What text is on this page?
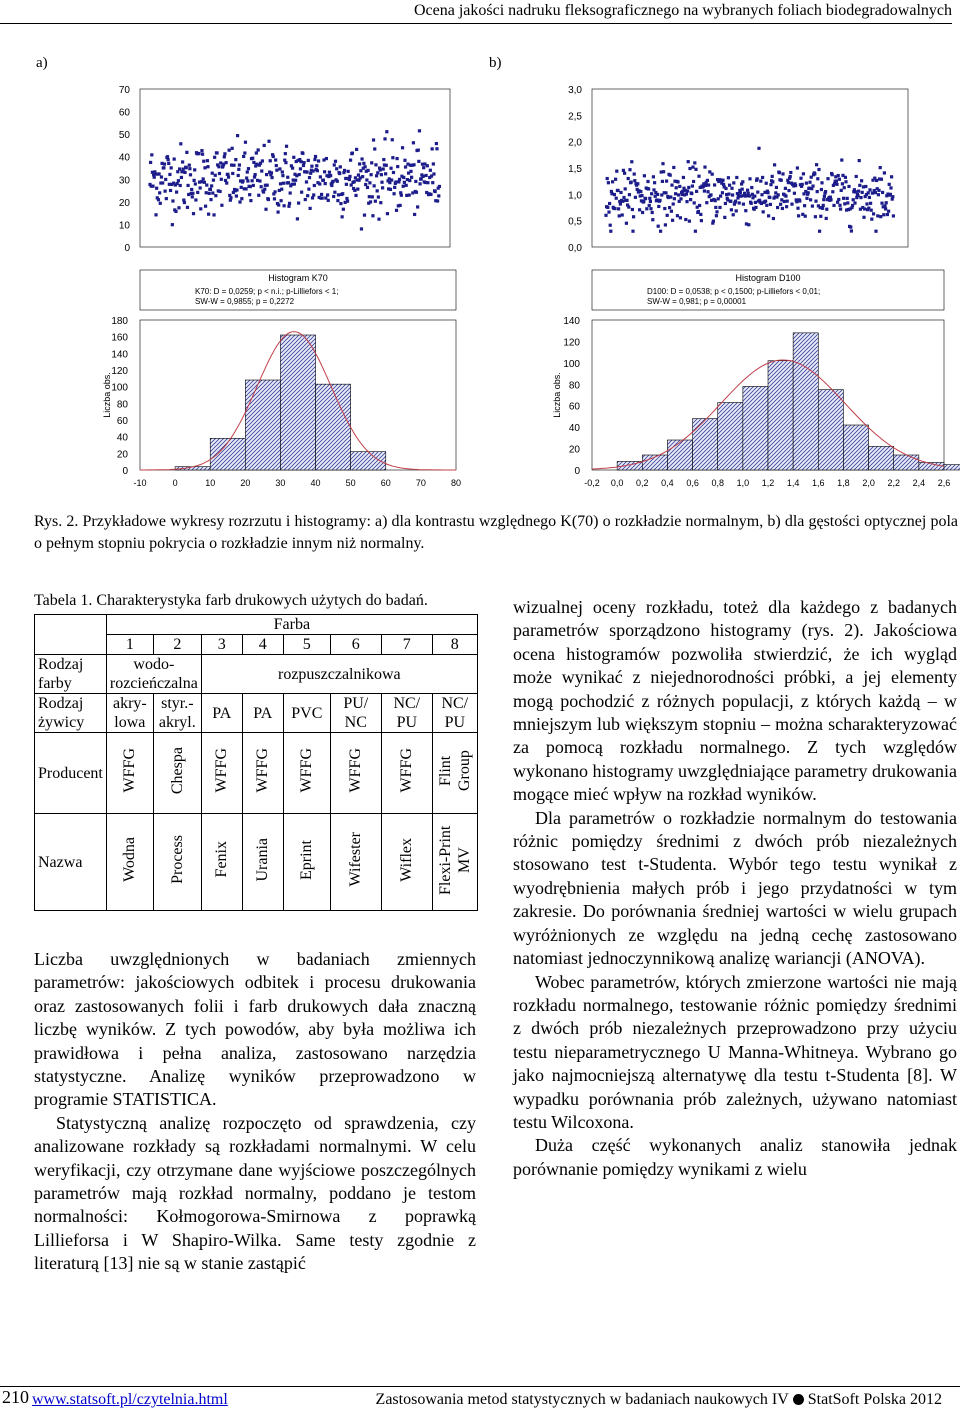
Ocena jakości nadruku fleksograficznego na wybranych foliach biodegradowalnych
a)	b)
0
10
20
30
40
50
60
70
0,0
0,5
1,0
1,5
2,0
2,5
3,0
Histogram K70
K70: D = 0,0259; p < n.i.; p-Lilliefors < 1;
SW-W = 0,9855; p = 0,2272
0
20
40
60
80
100
120
140
160
180
-10	0	10	20	30	40	50	60	70	80
Liczba obs.
Histogram D100
D100: D = 0,0538; p < 0,1500; p-Lilliefors < 0,01;
SW-W = 0,981; p = 0,00001
0
20
40
60
80
100
120
140
-0,2 0,0 0,2 0,4 0,6 0,8 1,0 1,2 1,4 1,6 1,8 2,0 2,2 2,4 2,6
Liczba obs.
Rys. 2. Przykładowe wykresy rozrzutu i histogramy: a) dla kontrastu względnego K(70) o rozkładzie normalnym, b) dla gęstości optycznej pola o pełnym stopniu pokrycia o rozkładzie innym niż normalny.
Tabela 1. Charakterystyka farb drukowych użytych do badań.
	Farba							
	1	2	3	4	5	6	7	8
Rodzaj farby	wodo-rozcieńczalna		rozpuszczalnikowa					
Rodzaj żywicy	akry-lowa	styr.-akryl.	PA	PA	PVC	PU/ NC	NC/ PU	NC/ PU
Producent	WFFG	Chespa	WFFG	WFFG	WFFG	WFFG	WFFG	Flint Group
Nazwa	Wodna	Process	Fenix	Urania	Eprint	Wifester	Wiflex	Flexi-Print MV

Liczba uwzględnionych w badaniach zmiennych parametrów: jakościowych odbitek i procesu drukowania oraz zastosowanych folii i farb drukowych dała znaczną liczbę wyników. Z tych powodów, aby była możliwa ich prawidłowa i pełna analiza, zastosowano narzędzia statystyczne. Analizę wyników przeprowadzono w programie STATISTICA.

Statystyczną analizę rozpoczęto od sprawdzenia, czy analizowane rozkłady są rozkładami normalnymi. W celu weryfikacji, czy otrzymane dane wyjściowe poszczególnych parametrów mają rozkład normalny, poddano je testom normalności: Kołmogorowa-Smirnowa z poprawką Lillieforsa i W Shapiro-Wilka. Same testy zgodnie z literaturą [13] nie są w stanie zastąpić

wizualnej oceny rozkładu, toteż dla każdego z badanych parametrów sporządzono histogramy (rys. 2). Jakościowa ocena histogramów pozwoliła stwierdzić, że ich wygląd może wynikać z niejednorodności próbki, a jej elementy mogą pochodzić z różnych populacji, z których każdą – w mniejszym lub większym stopniu – można scharakteryzować za pomocą rozkładu normalnego. Z tych względów wykonano histogramy uwzględniające parametry drukowania mogące mieć wpływ na rozkład wyników.

Dla parametrów o rozkładzie normalnym do testowania różnic pomiędzy średnimi z dwóch prób niezależnych stosowano test t-Studenta. Wybór tego testu wynikał z wyodrębnienia małych prób i jego przydatności w tym zakresie. Do porównania średniej wartości w wielu grupach wyróżnionych ze względu na jedną cechę zastosowano natomiast jednoczynnikową analizę wariancji (ANOVA).

Wobec parametrów, których zmierzone wartości nie mają rozkładu normalnego, testowanie różnic pomiędzy średnimi z dwóch prób niezależnych przeprowadzono przy użyciu testu nieparametrycznego U Manna-Whitneya. Wybrano go jako najmocniejszą alternatywę dla testu t-Studenta [8]. W wypadku porównania prób zależnych, używano natomiast testu Wilcoxona.

Duża część wykonanych analiz stanowiła jednak porównanie pomiędzy wynikami z wielu

210 www.statsoft.pl/czytelnia.html	Zastosowania metod statystycznych w badaniach naukowych IV StatSoft Polska 2012
